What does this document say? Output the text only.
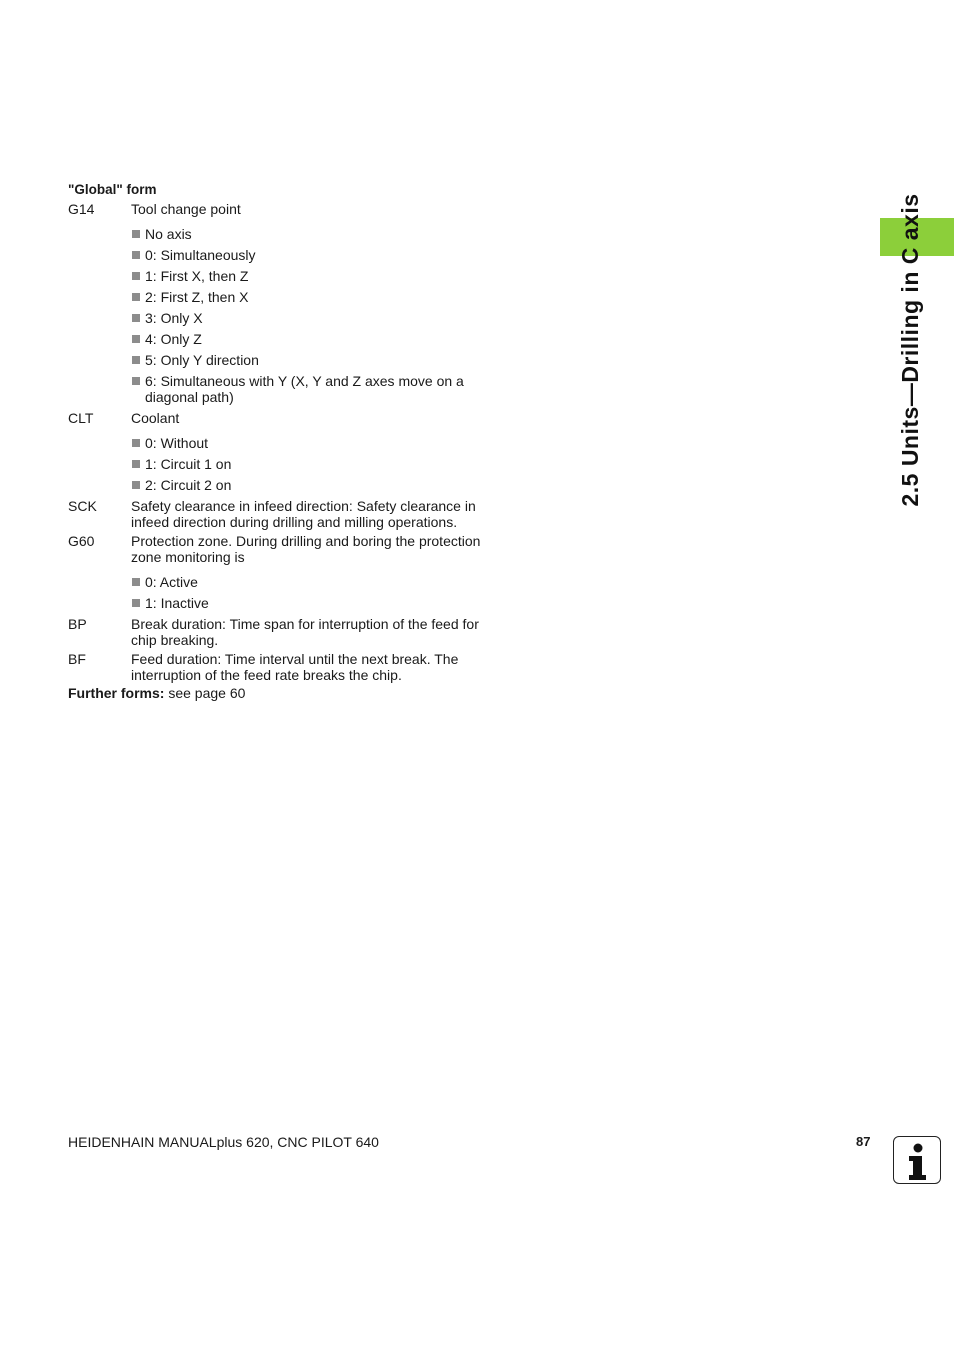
2.5 Units—Drilling in C axis
"Global" form
G14	Tool change point
No axis
0: Simultaneously
1: First X, then Z
2: First Z, then X
3: Only X
4: Only Z
5: Only Y direction
6: Simultaneous with Y (X, Y and Z axes move on a diagonal path)
CLT	Coolant
0: Without
1: Circuit 1 on
2: Circuit 2 on
SCK	Safety clearance in infeed direction: Safety clearance in infeed direction during drilling and milling operations.
G60	Protection zone. During drilling and boring the protection zone monitoring is
0: Active
1: Inactive
BP	Break duration: Time span for interruption of the feed for chip breaking.
BF	Feed duration: Time interval until the next break. The interruption of the feed rate breaks the chip.
Further forms: see page 60
HEIDENHAIN MANUALplus 620, CNC PILOT 640	87
